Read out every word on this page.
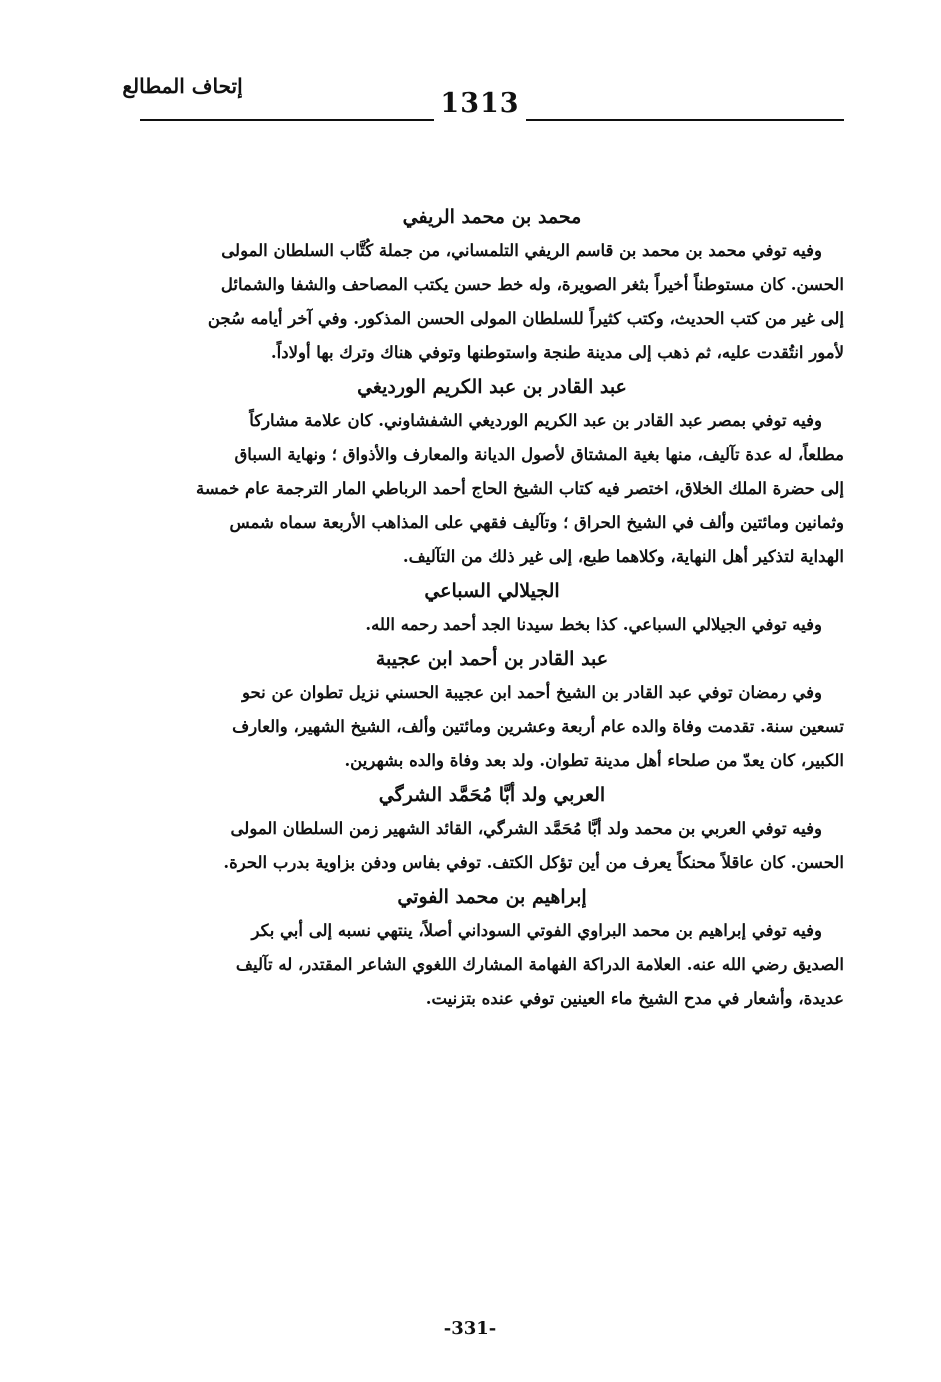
إتحاف المطالع
1313
محمد بن محمد الريفي

وفيه توفي محمد بن محمد بن قاسم الريفي التلمساني، من جملة كُتَّاب السلطان المولى
الحسن. كان مستوطناً أخيراً بثغر الصويرة، وله خط حسن يكتب المصاحف والشفا والشمائل
إلى غير من كتب الحديث، وكتب كثيراً للسلطان المولى الحسن المذكور. وفي آخر أيامه سُجن
لأمور انتُقدت عليه، ثم ذهب إلى مدينة طنجة واستوطنها وتوفي هناك وترك بها أولاداً.

عبد القادر بن عبد الكريم الورديغي

وفيه توفي بمصر عبد القادر بن عبد الكريم الورديغي الشفشاوني. كان علامة مشاركاً
مطلعاً، له عدة تآليف، منها بغية المشتاق لأصول الديانة والمعارف والأذواق ؛ ونهاية السباق
إلى حضرة الملك الخلاق، اختصر فيه كتاب الشيخ الحاج أحمد الرباطي المار الترجمة عام خمسة
وثمانين ومائتين وألف في الشيخ الحراق ؛ وتآليف فقهي على المذاهب الأربعة سماه شمس
الهداية لتذكير أهل النهاية، وكلاهما طبع، إلى غير ذلك من التآليف.

الجيلالي السباعي

وفيه توفي الجيلالي السباعي. كذا بخط سيدنا الجد أحمد رحمه الله.

عبد القادر بن أحمد ابن عجيبة

وفي رمضان توفي عبد القادر بن الشيخ أحمد ابن عجيبة الحسني نزيل تطوان عن نحو
تسعين سنة. تقدمت وفاة والده عام أربعة وعشرين ومائتين وألف، الشيخ الشهير، والعارف
الكبير، كان يعدّ من صلحاء أهل مدينة تطوان. ولد بعد وفاة والده بشهرين.

العربي ولد أبَّا مُحَمَّد الشرگي

وفيه توفي العربي بن محمد ولد أبَّا مُحَمَّد الشرگي، القائد الشهير زمن السلطان المولى
الحسن. كان عاقلاً محنكاً يعرف من أين تؤكل الكتف. توفي بفاس ودفن بزاوية بدرب الحرة.

إبراهيم بن محمد الفوتي

وفيه توفي إبراهيم بن محمد البراوي الفوتي السوداني أصلاً، ينتهي نسبه إلى أبي بكر
الصديق رضي الله عنه. العلامة الدراكة الفهامة المشارك اللغوي الشاعر المقتدر، له تآليف
عديدة، وأشعار في مدح الشيخ ماء العينين توفي عنده بتزنيت.

-331-
